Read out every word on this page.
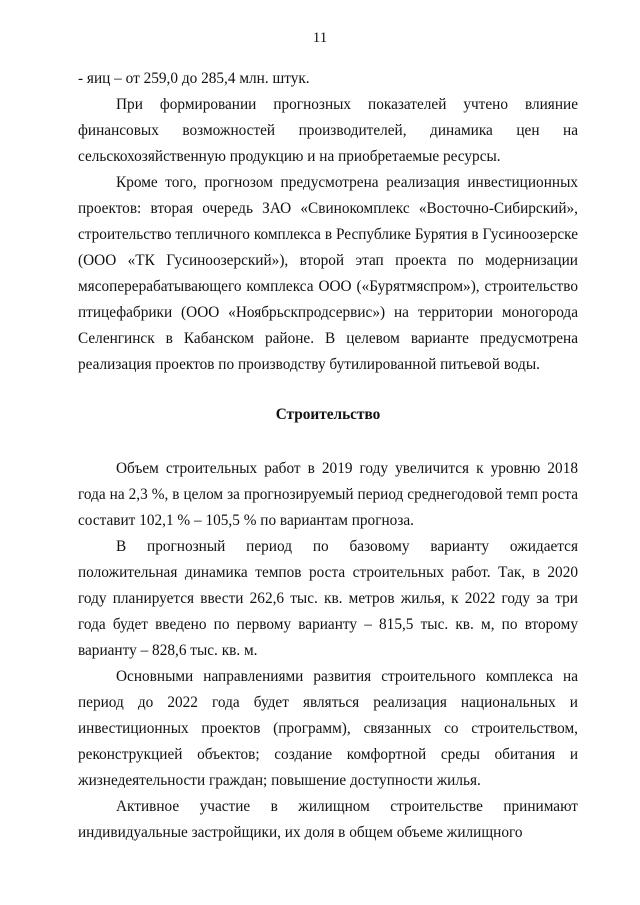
11

- яиц – от 259,0 до 285,4 млн. штук.

При формировании прогнозных показателей учтено влияние финансовых возможностей производителей, динамика цен на сельскохозяйственную продукцию и на приобретаемые ресурсы.

Кроме того, прогнозом предусмотрена реализация инвестиционных проектов: вторая очередь ЗАО «Свинокомплекс «Восточно-Сибирский», строительство тепличного комплекса в Республике Бурятия в Гусиноозерске (ООО «ТК Гусиноозерский»), второй этап проекта по модернизации мясоперерабатывающего комплекса ООО («Бурятмяспром»), строительство птицефабрики (ООО «Ноябрьскпродсервис») на территории моногорода Селенгинск в Кабанском районе. В целевом варианте предусмотрена реализация проектов по производству бутилированной питьевой воды.

Строительство

Объем строительных работ в 2019 году увеличится к уровню 2018 года на 2,3 %, в целом за прогнозируемый период среднегодовой темп роста составит 102,1 % – 105,5 % по вариантам прогноза.

В прогнозный период по базовому варианту ожидается положительная динамика темпов роста строительных работ. Так, в 2020 году планируется ввести 262,6 тыс. кв. метров жилья, к 2022 году за три года будет введено по первому варианту – 815,5 тыс. кв. м, по второму варианту – 828,6 тыс. кв. м.

Основными направлениями развития строительного комплекса на период до 2022 года будет являться реализация национальных и инвестиционных проектов (программ), связанных со строительством, реконструкцией объектов; создание комфортной среды обитания и жизнедеятельности граждан; повышение доступности жилья.

Активное участие в жилищном строительстве принимают индивидуальные застройщики, их доля в общем объеме жилищного
